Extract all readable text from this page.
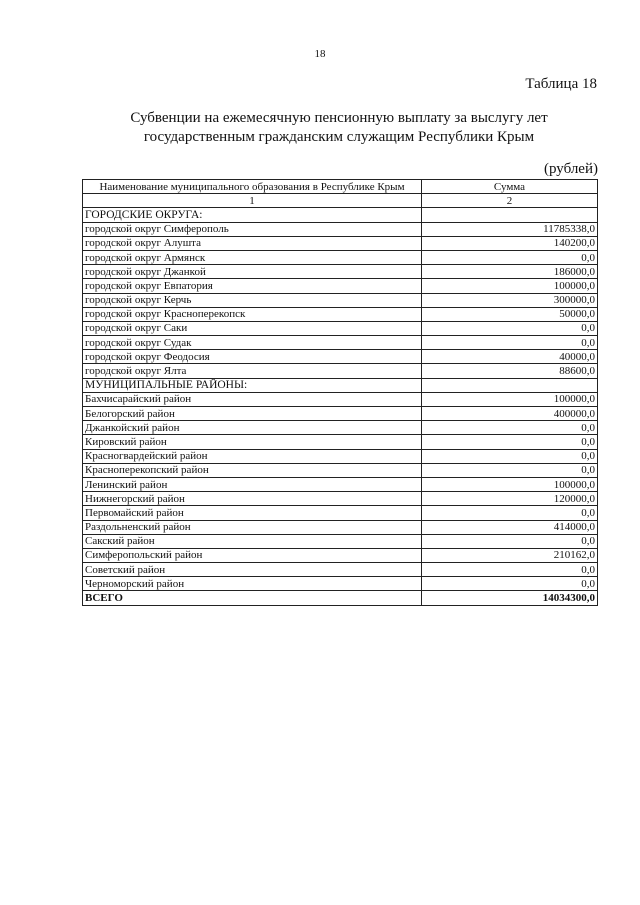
18
Таблица 18
Субвенции на ежемесячную пенсионную выплату за выслугу лет
государственным гражданским служащим Республики Крым
(рублей)
Наименование муниципального образования в Республике Крым	Сумма
1	2
ГОРОДСКИЕ ОКРУГА:	
городской округ Симферополь	11785338,0
городской округ Алушта	140200,0
городской округ Армянск	0,0
городской округ Джанкой	186000,0
городской округ Евпатория	100000,0
городской округ Керчь	300000,0
городской округ Красноперекопск	50000,0
городской округ Саки	0,0
городской округ Судак	0,0
городской округ Феодосия	40000,0
городской округ Ялта	88600,0
МУНИЦИПАЛЬНЫЕ РАЙОНЫ:	
Бахчисарайский район	100000,0
Белогорский район	400000,0
Джанкойский район	0,0
Кировский район	0,0
Красногвардейский район	0,0
Красноперекопский район	0,0
Ленинский район	100000,0
Нижнегорский район	120000,0
Первомайский район	0,0
Раздольненский район	414000,0
Сакский район	0,0
Симферопольский район	210162,0
Советский район	0,0
Черноморский район	0,0
ВСЕГО	14034300,0
